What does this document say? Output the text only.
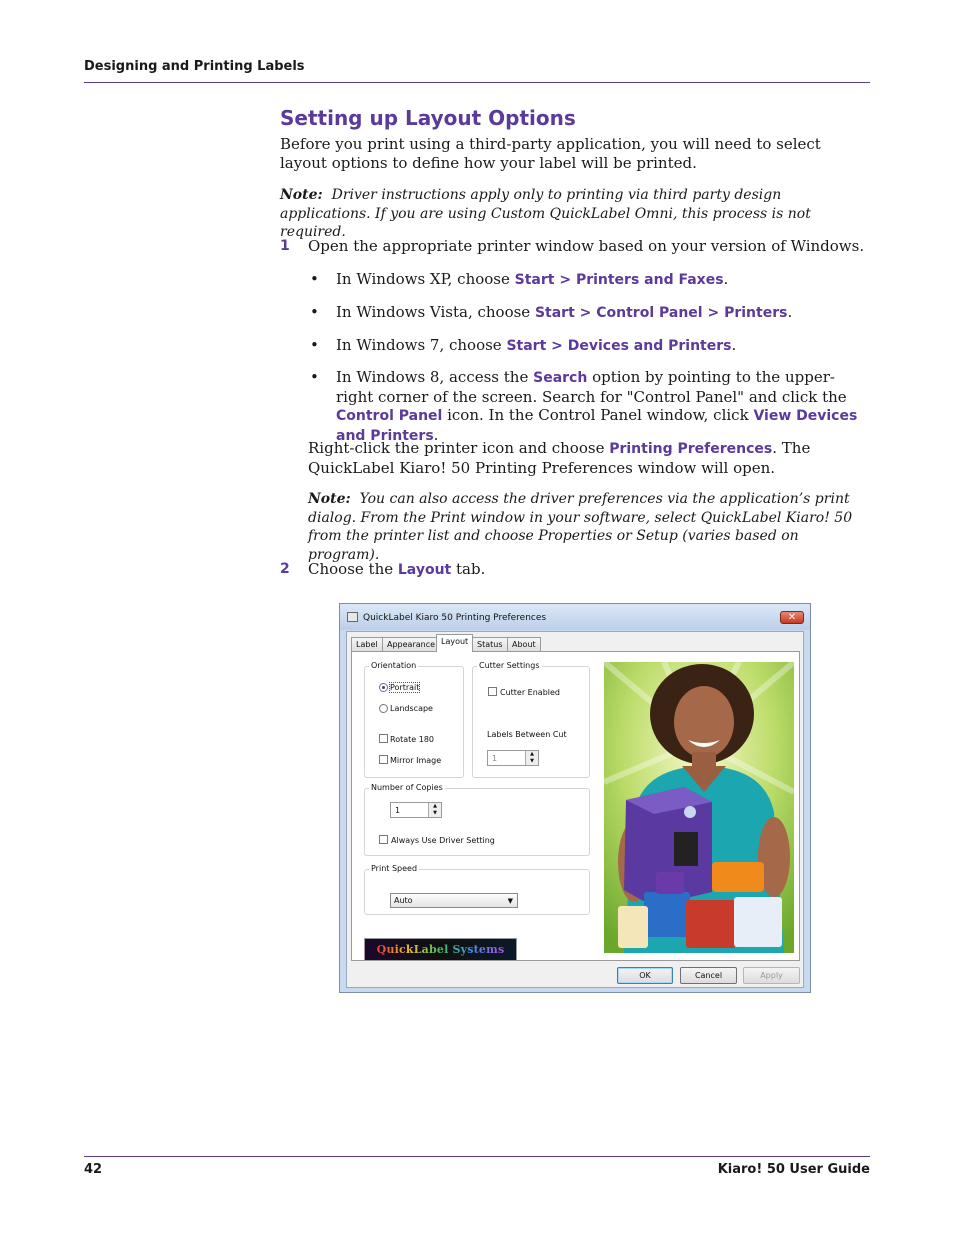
Designing and Printing Labels
Setting up Layout Options

Before you print using a third-party application, you will need to select layout options to define how your label will be printed.

Note: Driver instructions apply only to printing via third party design applications. If you are using Custom QuickLabel Omni, this process is not required.

1 Open the appropriate printer window based on your version of Windows.

• In Windows XP, choose Start > Printers and Faxes.

• In Windows Vista, choose Start > Control Panel > Printers.

• In Windows 7, choose Start > Devices and Printers.

• In Windows 8, access the Search option by pointing to the upper-right corner of the screen. Search for "Control Panel" and click the Control Panel icon. In the Control Panel window, click View Devices and Printers.

Right-click the printer icon and choose Printing Preferences. The QuickLabel Kiaro! 50 Printing Preferences window will open.

Note: You can also access the driver preferences via the application’s print dialog. From the Print window in your software, select QuickLabel Kiaro! 50 from the printer list and choose Properties or Setup (varies based on program).

2 Choose the Layout tab.

QuickLabel Kiaro 50 Printing Preferences	✕
Label	Appearance Layout	Status	About
Orientation
Portrait
Landscape
Rotate 180
Mirror Image
Cutter Settings
Cutter Enabled
Labels Between Cut
1	▲
▼
Number of Copies
1	▲
▼
Always Use Driver Setting
Print Speed
Auto	▼
QuickLabel Systems
OK	Cancel	Apply
42	Kiaro! 50 User Guide
